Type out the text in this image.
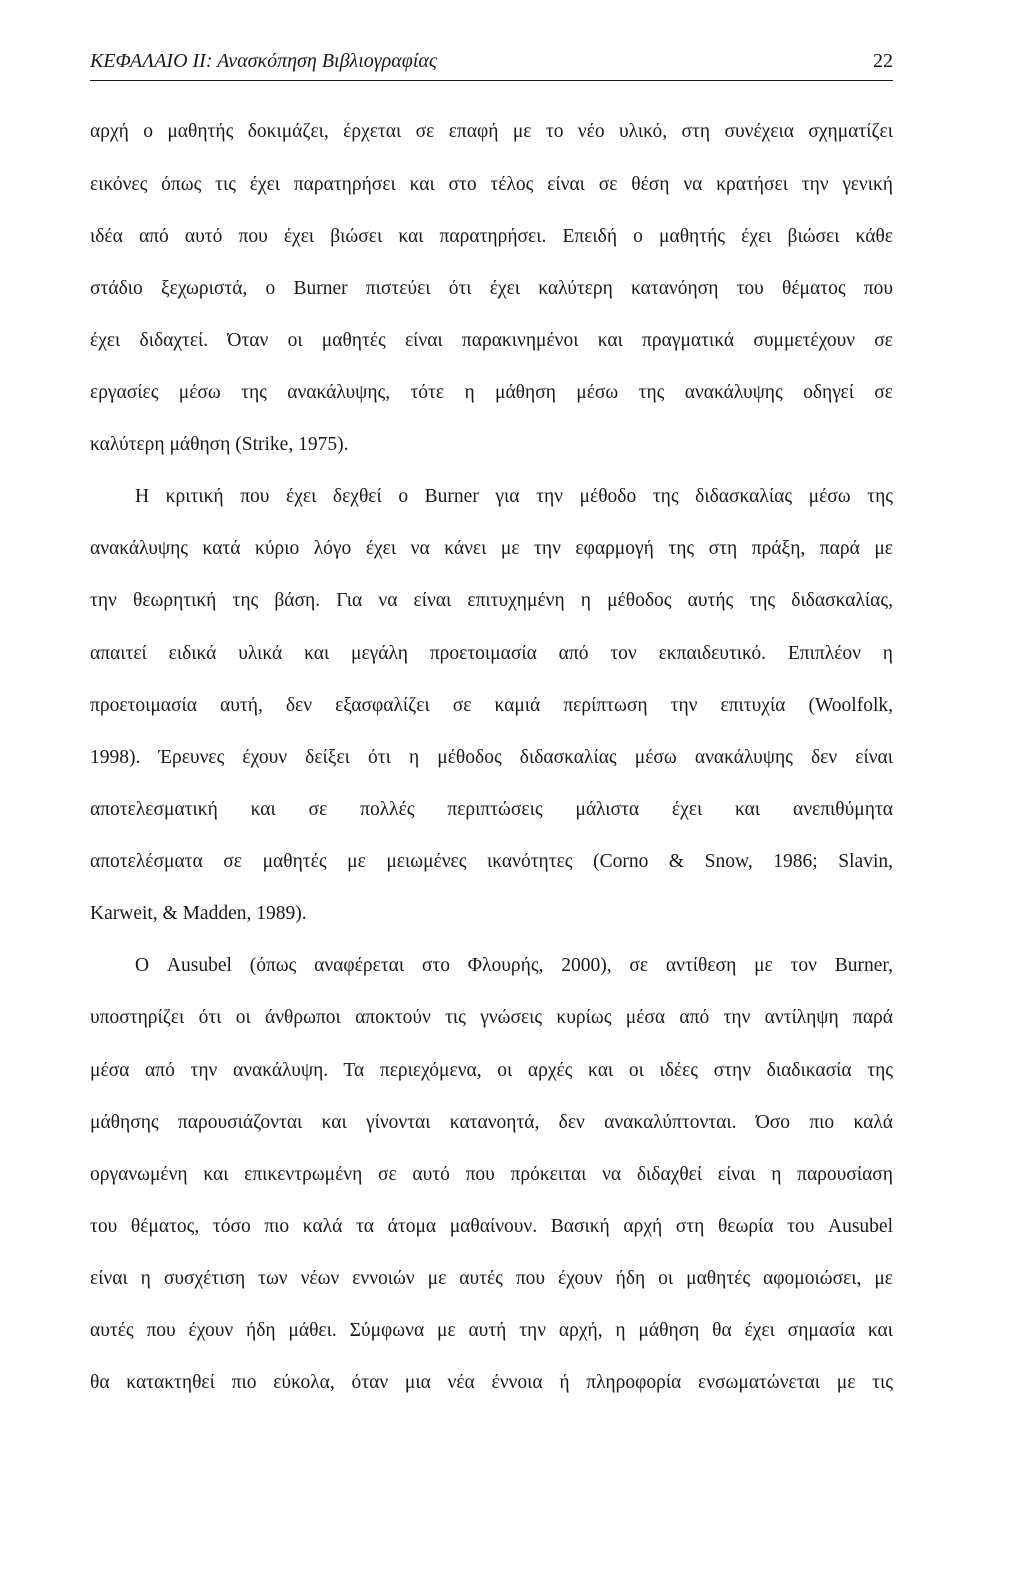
ΚΕΦΑΛΑΙΟ ΙΙ: Ανασκόπηση Βιβλιογραφίας	22
αρχή ο μαθητής δοκιμάζει, έρχεται σε επαφή με το νέο υλικό, στη συνέχεια σχηματίζει
εικόνες όπως τις έχει παρατηρήσει και στο τέλος είναι σε θέση να κρατήσει την γενική
ιδέα από αυτό που έχει βιώσει και παρατηρήσει. Επειδή ο μαθητής έχει βιώσει κάθε
στάδιο ξεχωριστά, ο Burner πιστεύει ότι έχει καλύτερη κατανόηση του θέματος που
έχει διδαχτεί. Όταν οι μαθητές είναι παρακινημένοι και πραγματικά συμμετέχουν σε
εργασίες μέσω της ανακάλυψης, τότε η μάθηση μέσω της ανακάλυψης οδηγεί σε
καλύτερη μάθηση (Strike, 1975).
Η κριτική που έχει δεχθεί ο Burner για την μέθοδο της διδασκαλίας μέσω της
ανακάλυψης κατά κύριο λόγο έχει να κάνει με την εφαρμογή της στη πράξη, παρά με
την θεωρητική της βάση. Για να είναι επιτυχημένη η μέθοδος αυτής της διδασκαλίας,
απαιτεί ειδικά υλικά και μεγάλη προετοιμασία από τον εκπαιδευτικό. Επιπλέον η
προετοιμασία αυτή, δεν εξασφαλίζει σε καμιά περίπτωση την επιτυχία (Woolfolk,
1998). Έρευνες έχουν δείξει ότι η μέθοδος διδασκαλίας μέσω ανακάλυψης δεν είναι
αποτελεσματική και σε πολλές περιπτώσεις μάλιστα έχει και ανεπιθύμητα
αποτελέσματα σε μαθητές με μειωμένες ικανότητες (Corno & Snow, 1986; Slavin,
Karweit, & Madden, 1989).
Ο Ausubel (όπως αναφέρεται στο Φλουρής, 2000), σε αντίθεση με τον Burner,
υποστηρίζει ότι οι άνθρωποι αποκτούν τις γνώσεις κυρίως μέσα από την αντίληψη παρά
μέσα από την ανακάλυψη. Τα περιεχόμενα, οι αρχές και οι ιδέες στην διαδικασία της
μάθησης παρουσιάζονται και γίνονται κατανοητά, δεν ανακαλύπτονται. Όσο πιο καλά
οργανωμένη και επικεντρωμένη σε αυτό που πρόκειται να διδαχθεί είναι η παρουσίαση
του θέματος, τόσο πιο καλά τα άτομα μαθαίνουν. Βασική αρχή στη θεωρία του Ausubel
είναι η συσχέτιση των νέων εννοιών με αυτές που έχουν ήδη οι μαθητές αφομοιώσει, με
αυτές που έχουν ήδη μάθει. Σύμφωνα με αυτή την αρχή, η μάθηση θα έχει σημασία και
θα κατακτηθεί πιο εύκολα, όταν μια νέα έννοια ή πληροφορία ενσωματώνεται με τις
